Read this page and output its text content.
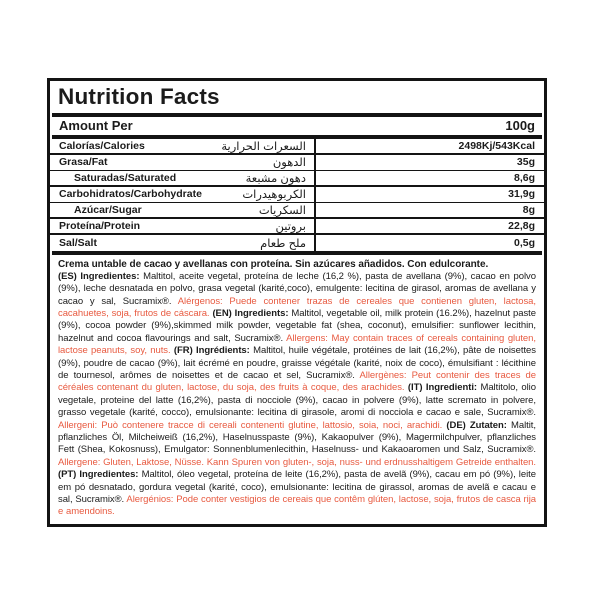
Nutrition Facts
Amount Per	100g
Calorías/Calories	السعرات الحرارية	2498Kj/543Kcal
Grasa/Fat	الدهون	35g
Saturadas/Saturated	دهون مشبعة	8,6g
Carbohidratos/Carbohydrate	الكربوهيدرات	31,9g
Azúcar/Sugar	السكريات	8g
Proteína/Protein	بروتين	22,8g
Sal/Salt	ملح طعام	0,5g
Crema untable de cacao y avellanas con proteína. Sin azúcares añadidos. Con edulcorante.

(ES) Ingredientes: Maltitol, aceite vegetal, proteína de leche (16,2 %), pasta de avellana (9%), cacao en polvo (9%), leche desnatada en polvo, grasa vegetal (karité,coco), emulgente: lecitina de girasol, aromas de avellana y cacao y sal, Sucramix®. Alérgenos: Puede contener trazas de cereales que contienen gluten, lactosa, cacahuetes, soja, frutos de cáscara. (EN) Ingredients: Maltitol, vegetable oil, milk protein (16.2%), hazelnut paste (9%), cocoa powder (9%),skimmed milk powder, vegetable fat (shea, coconut), emulsifier: sunflower lecithin, hazelnut and cocoa flavourings and salt, Sucramix®. Allergens: May contain traces of cereals containing gluten, lactose peanuts, soy, nuts. (FR) Ingrédients: Maltitol, huile végétale, protéines de lait (16,2%), pâte de noisettes (9%), poudre de cacao (9%), lait écrémé en poudre, graisse végétale (karité, noix de coco), émulsifiant : lécithine de tournesol, arômes de noisettes et de cacao et sel, Sucramix®. Allergènes: Peut contenir des traces de céréales contenant du gluten, lactose, du soja, des fruits à coque, des arachides. (IT) Ingredienti: Maltitolo, olio vegetale, proteine del latte (16,2%), pasta di nocciole (9%), cacao in polvere (9%), latte scremato in polvere, grasso vegetale (karité, cocco), emulsionante: lecitina di girasole, aromi di nocciola e cacao e sale, Sucramix®. Allergeni: Può contenere tracce di cereali contenenti glutine, lattosio, soia, noci, arachidi. (DE) Zutaten: Maltit, pflanzliches Öl, Milcheiweiß (16,2%), Haselnusspaste (9%), Kakaopulver (9%), Magermilchpulver, pflanzliches Fett (Shea, Kokosnuss), Emulgator: Sonnenblumenlecithin, Haselnuss- und Kakaoaromen und Salz, Sucramix®. Allergene: Gluten, Laktose, Nüsse. Kann Spuren von gluten-, soja, nuss- und erdnusshaltigem Getreide enthalten. (PT) Ingredientes: Maltitol, óleo vegetal, proteína de leite (16,2%), pasta de avelã (9%), cacau em pó (9%), leite em pó desnatado, gordura vegetal (karité, coco), emulsionante: lecitina de girassol, aromas de avelã e cacau e sal, Sucramix®. Alergénios: Pode conter vestigios de cereais que contêm glúten, lactose, soja, frutos de casca rija e amendoins.
